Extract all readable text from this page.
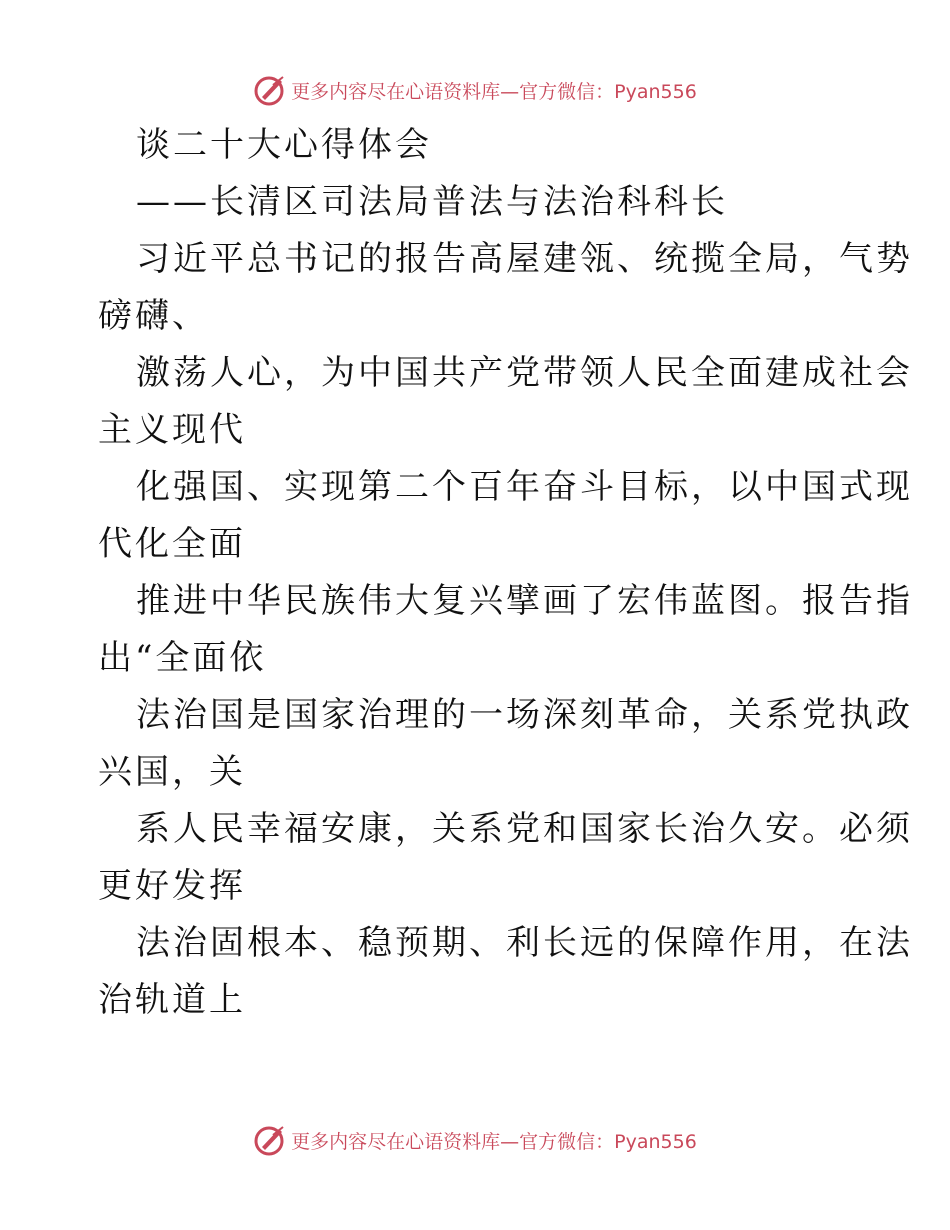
更多内容尽在心语资料库—官方微信：Pyan556

谈二十大心得体会

——长清区司法局普法与法治科科长

习近平总书记的报告高屋建瓴、统揽全局，气势

磅礴、

激荡人心，为中国共产党带领人民全面建成社会

主义现代

化强国、实现第二个百年奋斗目标，以中国式现

代化全面

推进中华民族伟大复兴擘画了宏伟蓝图。报告指

出“全面依

法治国是国家治理的一场深刻革命，关系党执政

兴国，关

系人民幸福安康，关系党和国家长治久安。必须

更好发挥

法治固根本、稳预期、利长远的保障作用，在法

治轨道上

更多内容尽在心语资料库—官方微信：Pyan556
